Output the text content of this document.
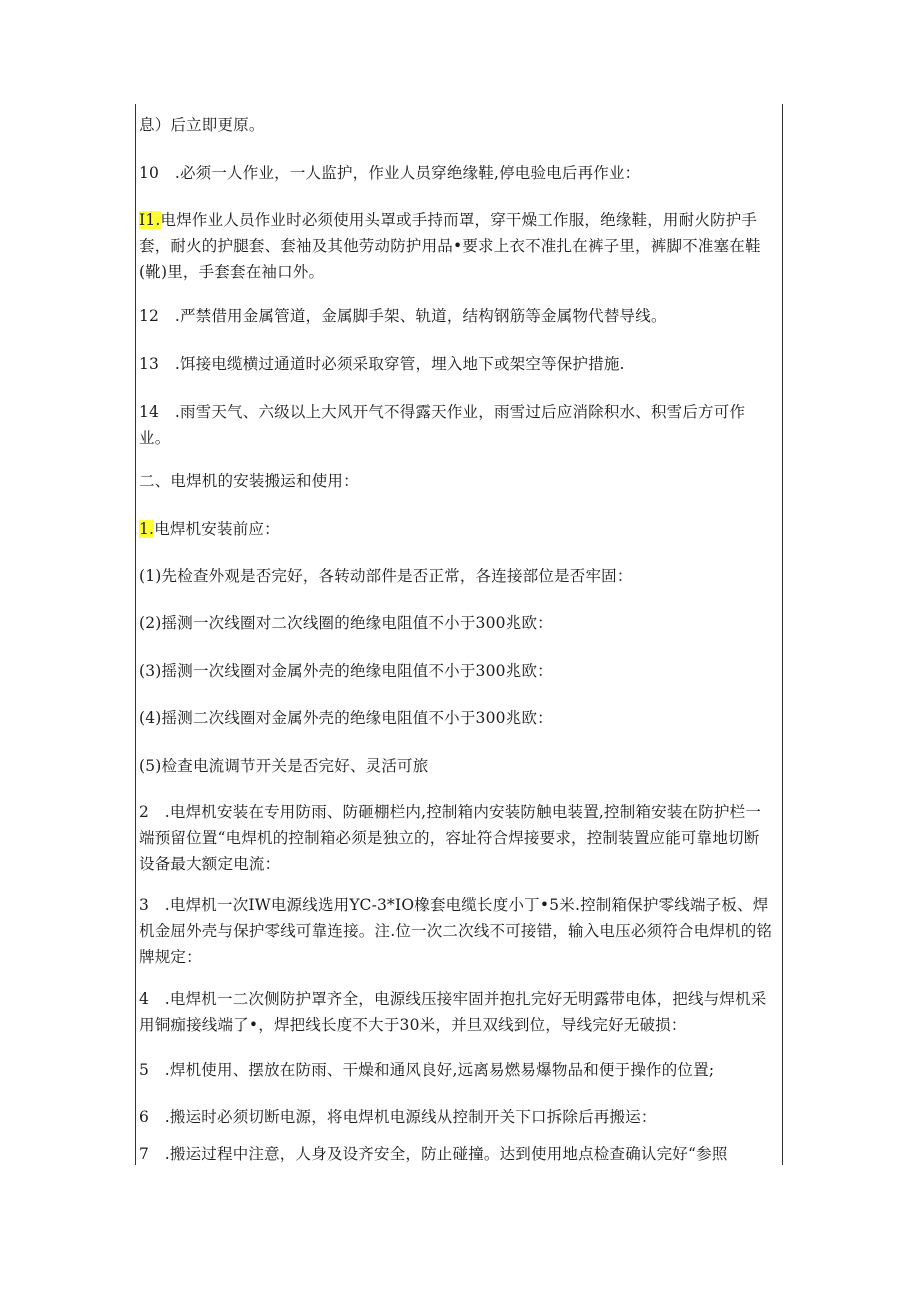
息）后立即更原。

10　.必须一人作业，一人监护，作业人员穿绝缘鞋,停电验电后再作业：

I1.电焊作业人员作业时必须使用头罩或手持而罩，穿干燥工作服，绝缘鞋，用耐火防护手套，耐火的护腿套、套袖及其他劳动防护用品•要求上衣不准扎在裤子里，裤脚不准塞在鞋(靴)里，手套套在袖口外。

12　.严禁借用金属管道，金属脚手架、轨道，结构钢筋等金属物代替导线。

13　.饵接电缆横过通道时必须采取穿管，埋入地下或架空等保护措施.

14　.雨雪天气、六级以上大风开气不得露天作业，雨雪过后应消除积水、积雪后方可作业。

二、电焊机的安装搬运和使用：

1.电焊机安装前应：

(1)先检查外观是否完好，各转动部件是否正常，各连接部位是否牢固：

(2)摇测一次线圈对二次线圈的绝缘电阻值不小于300兆欧：

(3)摇测一次线圈对金属外壳的绝缘电阻值不小于300兆欧：

(4)摇测二次线圈对金属外壳的绝缘电阻值不小于300兆欧：

(5)检查电流调节开关是否完好、灵活可旅

2　.电焊机安装在专用防雨、防砸棚栏内,控制箱内安装防触电装置,控制箱安装在防护栏一端预留位置“电焊机的控制箱必须是独立的，容址符合焊接要求，控制装置应能可靠地切断设备最大额定电流：

3　.电焊机一次IW电源线选用YC-3*IO橡套电缆长度小丁•5米.控制箱保护零线端子板、焊机金屈外壳与保护零线可靠连接。注.位一次二次线不可接错，输入电压必须符合电焊机的铭牌规定：

4　.电焊机一二次侧防护罩齐全，电源线压接牢固并抱扎完好无明露带电体，把线与焊机采用铜痂接线端了•，焊把线长度不大于30米，并旦双线到位，导线完好无破损：

5　.焊机使用、摆放在防雨、干燥和通风良好,远离易燃易爆物品和便于操作的位置;

6　.搬运时必须切断电源，将电焊机电源线从控制开关下口拆除后再搬运：

7　.搬运过程中注意，人身及设齐安全，防止碰撞。达到使用地点检查确认完好“参照
